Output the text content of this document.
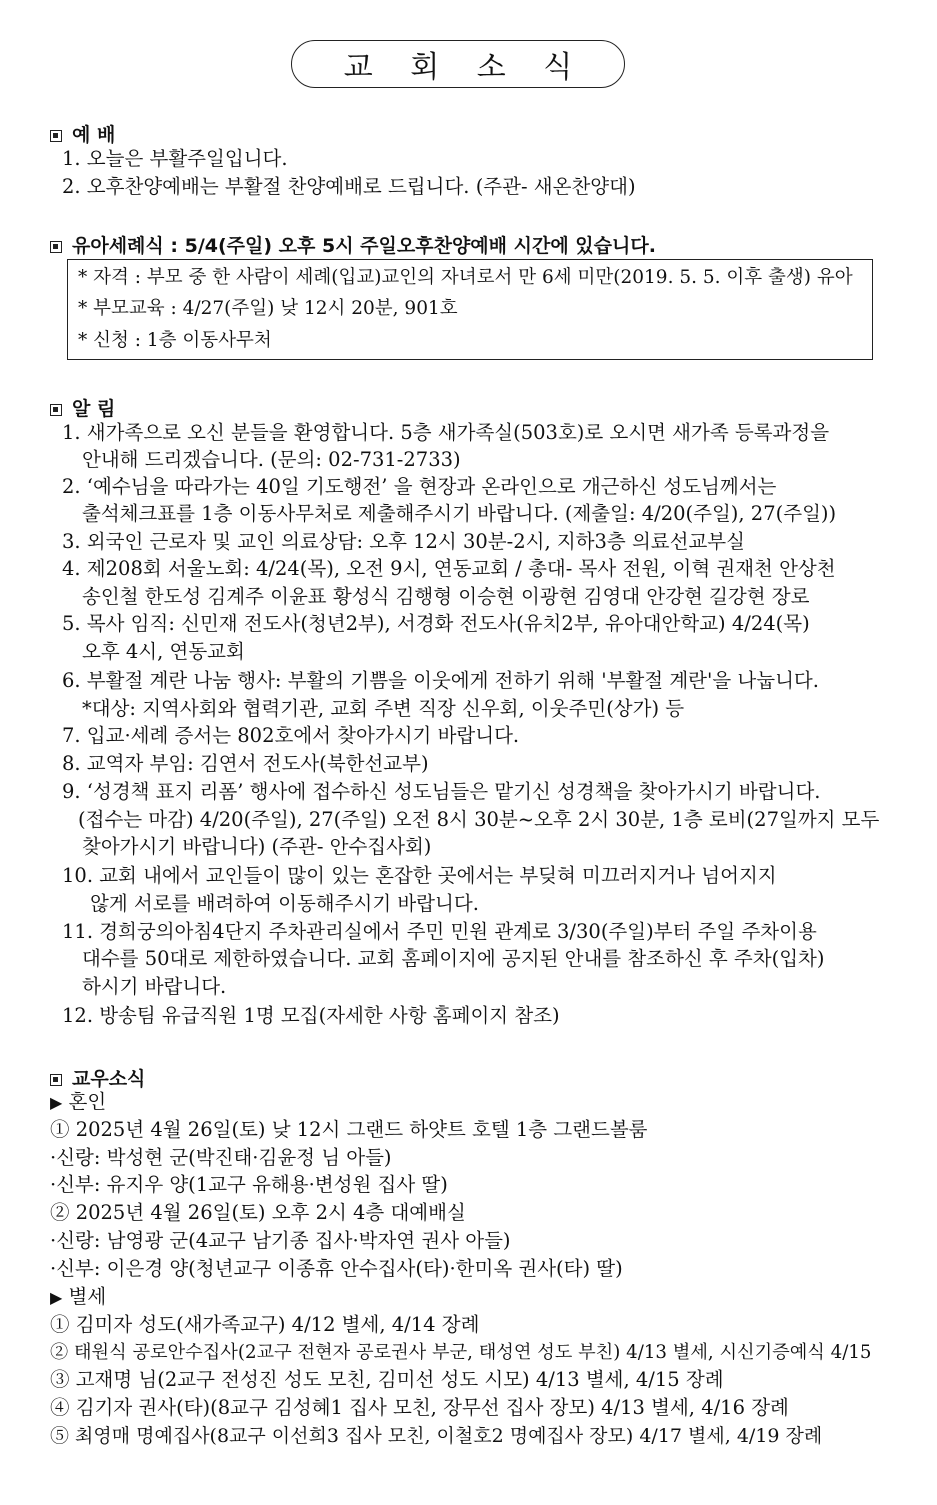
교 회 소 식
예 배
1. 오늘은 부활주일입니다.
2. 오후찬양예배는 부활절 찬양예배로 드립니다. (주관- 새온찬양대)
유아세례식 : 5/4(주일) 오후 5시 주일오후찬양예배 시간에 있습니다.
* 자격 : 부모 중 한 사람이 세례(입교)교인의 자녀로서 만 6세 미만(2019. 5. 5. 이후 출생) 유아
* 부모교육 : 4/27(주일) 낮 12시 20분, 901호
* 신청 : 1층 이동사무처
알 림
1. 새가족으로 오신 분들을 환영합니다. 5층 새가족실(503호)로 오시면 새가족 등록과정을
안내해 드리겠습니다. (문의: 02-731-2733)
2. ‘예수님을 따라가는 40일 기도행전’ 을 현장과 온라인으로 개근하신 성도님께서는
출석체크표를 1층 이동사무처로 제출해주시기 바랍니다. (제출일: 4/20(주일), 27(주일))
3. 외국인 근로자 및 교인 의료상담: 오후 12시 30분-2시, 지하3층 의료선교부실
4. 제208회 서울노회: 4/24(목), 오전 9시, 연동교회 / 총대- 목사 전원, 이혁 권재천 안상천
송인철 한도성 김계주 이윤표 황성식 김행형 이승현 이광현 김영대 안강현 길강현 장로
5. 목사 임직: 신민재 전도사(청년2부), 서경화 전도사(유치2부, 유아대안학교) 4/24(목)
오후 4시, 연동교회
6. 부활절 계란 나눔 행사: 부활의 기쁨을 이웃에게 전하기 위해 '부활절 계란'을 나눕니다.
*대상: 지역사회와 협력기관, 교회 주변 직장 신우회, 이웃주민(상가) 등
7. 입교·세례 증서는 802호에서 찾아가시기 바랍니다.
8. 교역자 부임: 김연서 전도사(북한선교부)
9. ‘성경책 표지 리폼’ 행사에 접수하신 성도님들은 맡기신 성경책을 찾아가시기 바랍니다.
(접수는 마감) 4/20(주일), 27(주일) 오전 8시 30분~오후 2시 30분, 1층 로비(27일까지 모두
찾아가시기 바랍니다) (주관- 안수집사회)
10. 교회 내에서 교인들이 많이 있는 혼잡한 곳에서는 부딪혀 미끄러지거나 넘어지지
않게 서로를 배려하여 이동해주시기 바랍니다.
11. 경희궁의아침4단지 주차관리실에서 주민 민원 관계로 3/30(주일)부터 주일 주차이용
대수를 50대로 제한하였습니다. 교회 홈페이지에 공지된 안내를 참조하신 후 주차(입차)
하시기 바랍니다.
12. 방송팀 유급직원 1명 모집(자세한 사항 홈페이지 참조)
교우소식
▶ 혼인
① 2025년 4월 26일(토) 낮 12시 그랜드 하얏트 호텔 1층 그랜드볼룸
·신랑: 박성현 군(박진태·김윤정 님 아들)
·신부: 유지우 양(1교구 유해용·변성원 집사 딸)
② 2025년 4월 26일(토) 오후 2시 4층 대예배실
·신랑: 남영광 군(4교구 남기종 집사·박자연 권사 아들)
·신부: 이은경 양(청년교구 이종휴 안수집사(타)·한미옥 권사(타) 딸)
▶ 별세
① 김미자 성도(새가족교구) 4/12 별세, 4/14 장례
② 태원식 공로안수집사(2교구 전현자 공로권사 부군, 태성연 성도 부친) 4/13 별세, 시신기증예식 4/15
③ 고재명 님(2교구 전성진 성도 모친, 김미선 성도 시모) 4/13 별세, 4/15 장례
④ 김기자 권사(타)(8교구 김성혜1 집사 모친, 장무선 집사 장모) 4/13 별세, 4/16 장례
⑤ 최영매 명예집사(8교구 이선희3 집사 모친, 이철호2 명예집사 장모) 4/17 별세, 4/19 장례
